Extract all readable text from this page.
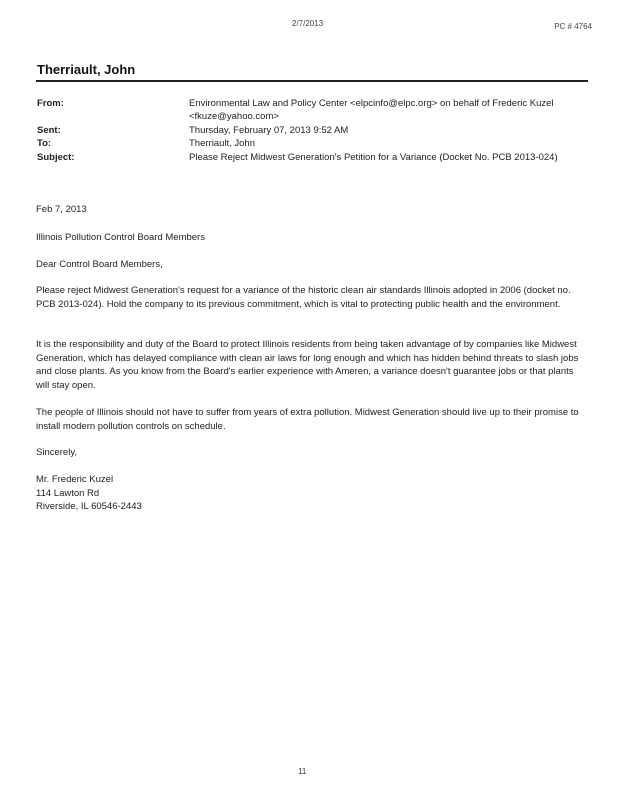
2/7/2013	PC # 4764
Therriault, John
From:	Environmental Law and Policy Center <elpcinfo@elpc.org> on behalf of Frederic Kuzel
<fkuze@yahoo.com>
Sent:	Thursday, February 07, 2013 9:52 AM
To:	Therriault, John
Subject:	Please Reject Midwest Generation's Petition for a Variance (Docket No. PCB 2013-024)
Feb 7, 2013
Illinois Pollution Control Board Members
Dear Control Board Members,
Please reject Midwest Generation's request for a variance of the historic clean air standards Illinois adopted in 2006 (docket no. PCB 2013-024). Hold the company to its previous commitment, which is vital to protecting public health and the environment.
It is the responsibility and duty of the Board to protect Illinois residents from being taken advantage of by companies like Midwest Generation, which has delayed compliance with clean air laws for long enough and which has hidden behind threats to slash jobs and close plants. As you know from the Board's earlier experience with Ameren, a variance doesn't guarantee jobs or that plants will stay open.
The people of Illinois should not have to suffer from years of extra pollution. Midwest Generation should live up to their promise to install modern pollution controls on schedule.
Sincerely,
Mr. Frederic Kuzel
114 Lawton Rd
Riverside, IL 60546-2443
11
